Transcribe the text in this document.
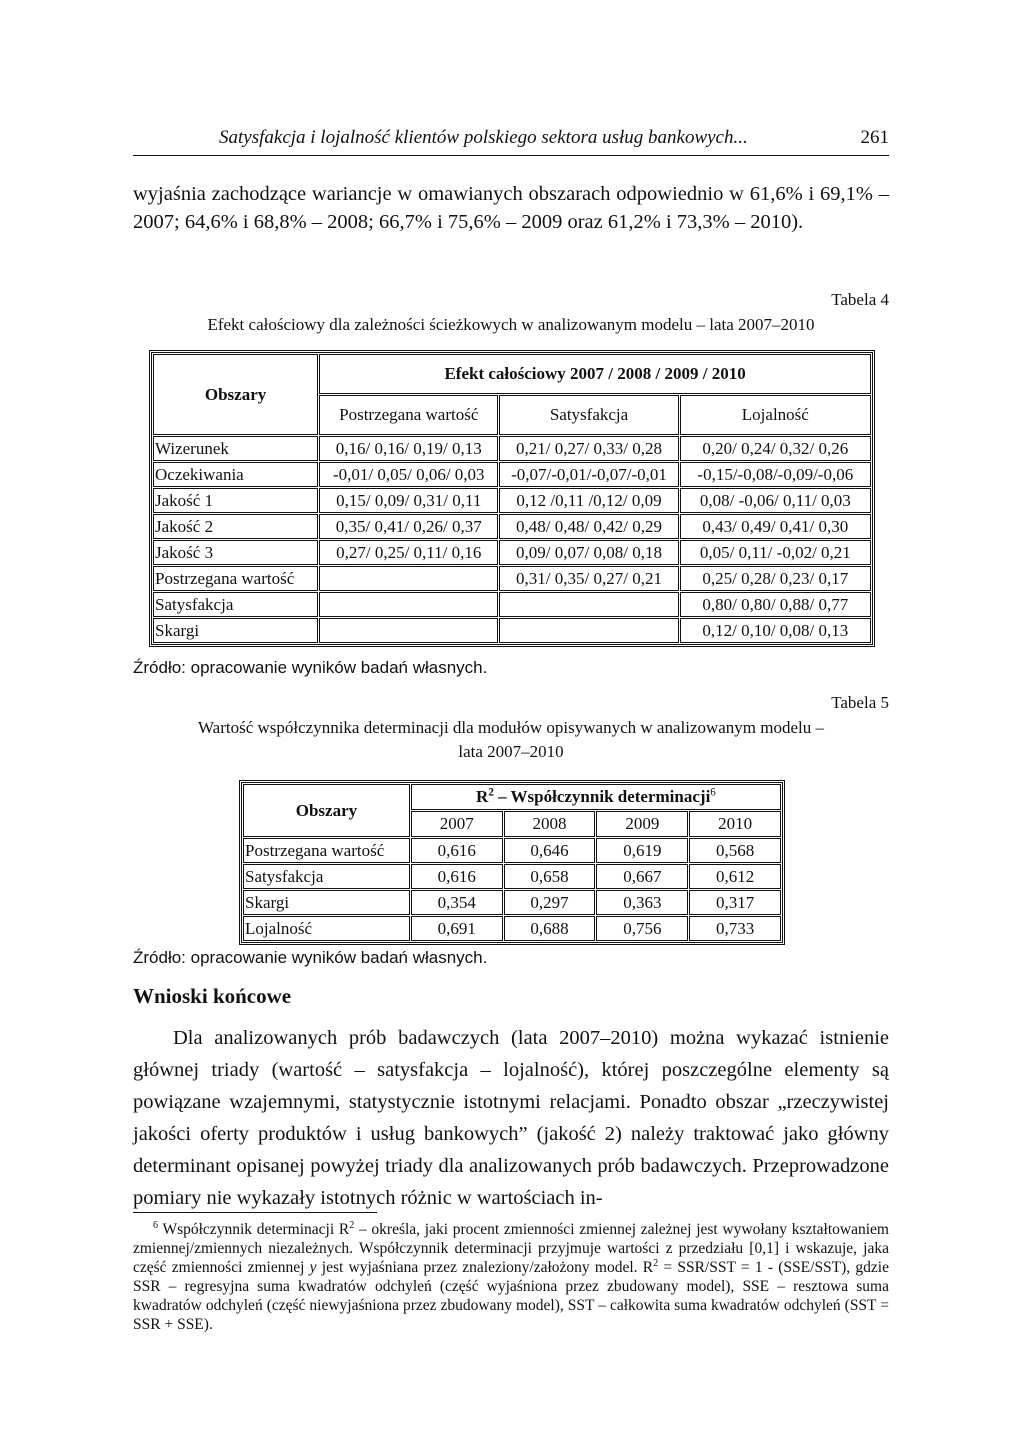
Satysfakcja i lojalność klientów polskiego sektora usług bankowych...	261

wyjaśnia zachodzące wariancje w omawianych obszarach odpowiednio w 61,6% i 69,1% – 2007; 64,6% i 68,8% – 2008; 66,7% i 75,6% – 2009 oraz 61,2% i 73,3% – 2010).

Tabela 4
Efekt całościowy dla zależności ścieżkowych w analizowanym modelu – lata 2007–2010
Obszary	Efekt całościowy 2007 / 2008 / 2009 / 2010		
	Postrzegana wartość	Satysfakcja	Lojalność
Wizerunek	0,16/ 0,16/ 0,19/ 0,13	0,21/ 0,27/ 0,33/ 0,28	0,20/ 0,24/ 0,32/ 0,26
Oczekiwania	-0,01/ 0,05/ 0,06/ 0,03	-0,07/-0,01/-0,07/-0,01	-0,15/-0,08/-0,09/-0,06
Jakość 1	0,15/ 0,09/ 0,31/ 0,11	0,12 /0,11 /0,12/ 0,09	0,08/ -0,06/ 0,11/ 0,03
Jakość 2	0,35/ 0,41/ 0,26/ 0,37	0,48/ 0,48/ 0,42/ 0,29	0,43/ 0,49/ 0,41/ 0,30
Jakość 3	0,27/ 0,25/ 0,11/ 0,16	0,09/ 0,07/ 0,08/ 0,18	0,05/ 0,11/ -0,02/ 0,21
Postrzegana wartość		0,31/ 0,35/ 0,27/ 0,21	0,25/ 0,28/ 0,23/ 0,17
Satysfakcja			0,80/ 0,80/ 0,88/ 0,77
Skargi			0,12/ 0,10/ 0,08/ 0,13
Źródło: opracowanie wyników badań własnych.
Tabela 5
Wartość współczynnika determinacji dla modułów opisywanych w analizowanym modelu –
lata 2007–2010
Obszary	$R^2$ – Współczynnik determinacji$^6$
	2007	2008	2009	2010
Postrzegana wartość	0,616	0,646	0,619	0,568
Satysfakcja	0,616	0,658	0,667	0,612
Skargi	0,354	0,297	0,363	0,317
Lojalność	0,691	0,688	0,756	0,733
Źródło: opracowanie wyników badań własnych.
Wnioski końcowe

Dla analizowanych prób badawczych (lata 2007–2010) można wykazać istnienie głównej triady (wartość – satysfakcja – lojalność), której poszczególne elementy są powiązane wzajemnymi, statystycznie istotnymi relacjami. Ponadto obszar „rzeczywistej jakości oferty produktów i usług bankowych” (jakość 2) należy traktować jako główny determinant opisanej powyżej triady dla analizowanych prób badawczych. Przeprowadzone pomiary nie wykazały istotnych różnic w wartościach in-

$^6$ Współczynnik determinacji $R^2$ – określa, jaki procent zmienności zmiennej zależnej jest wywołany kształtowaniem zmiennej/zmiennych niezależnych. Współczynnik determinacji przyjmuje wartości z przedziału [0,1] i wskazuje, jaka część zmienności zmiennej y jest wyjaśniana przez znaleziony/założony model. $R^2 = SSR/SST = 1 - (SSE/SST)$, gdzie SSR – regresyjna suma kwadratów odchyleń (część wyjaśniona przez zbudowany model), SSE – resztowa suma kwadratów odchyleń (część niewyjaśniona przez zbudowany model), SST – całkowita suma kwadratów odchyleń (SST = SSR + SSE).
